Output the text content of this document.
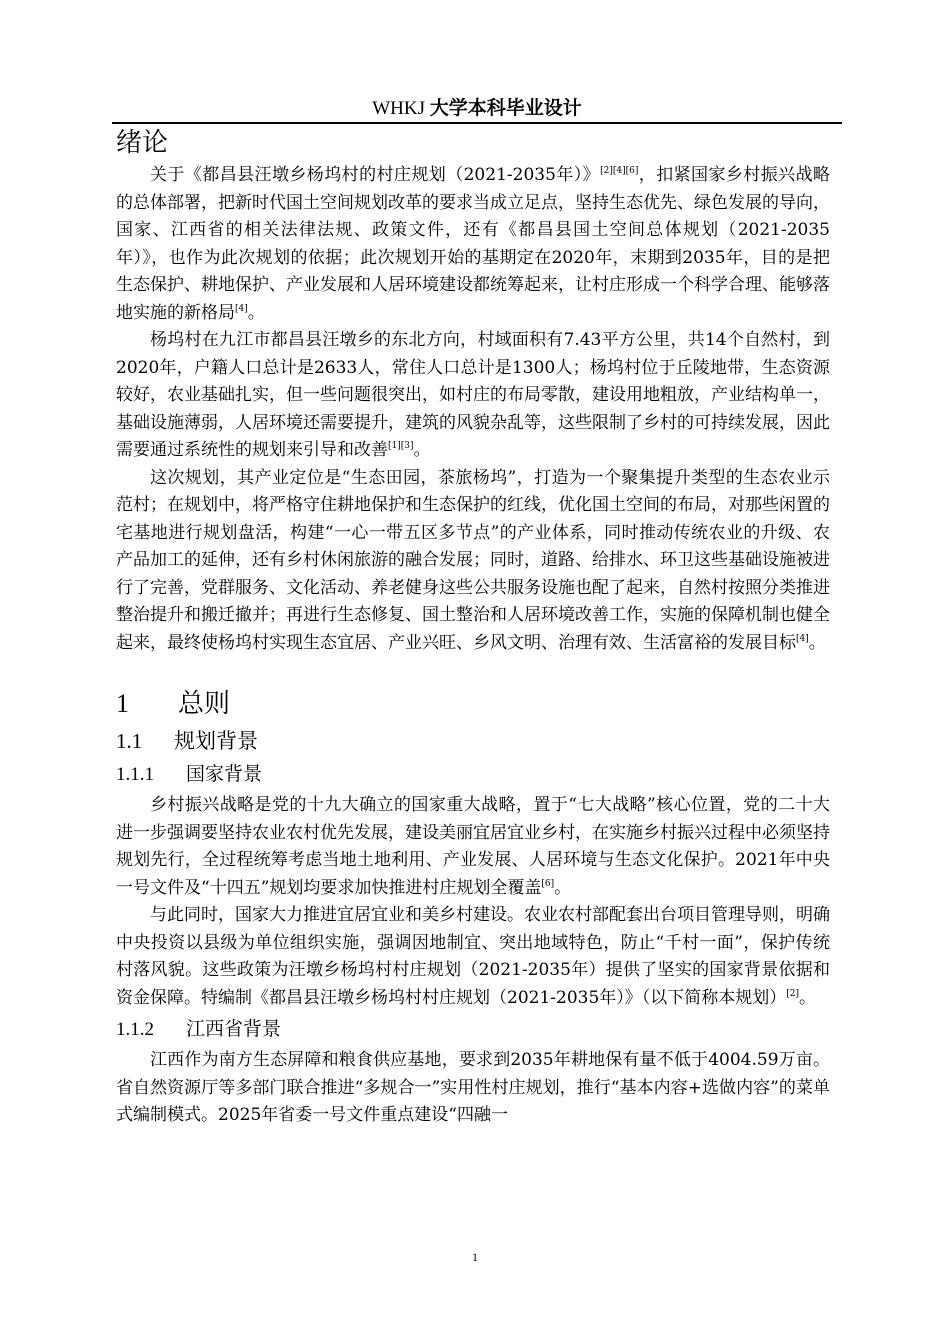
WHKJ 大学本科毕业设计
绪论

关于《都昌县汪墩乡杨坞村的村庄规划（2021-2035年）》[2][4][6]，扣紧国家乡村振兴战略的总体部署，把新时代国土空间规划改革的要求当成立足点，坚持生态优先、绿色发展的导向，国家、江西省的相关法律法规、政策文件，还有《都昌县国土空间总体规划（2021-2035年）》，也作为此次规划的依据；此次规划开始的基期定在2020年，末期到2035年，目的是把生态保护、耕地保护、产业发展和人居环境建设都统筹起来，让村庄形成一个科学合理、能够落地实施的新格局[4]。

杨坞村在九江市都昌县汪墩乡的东北方向，村域面积有7.43平方公里，共14个自然村，到2020年，户籍人口总计是2633人，常住人口总计是1300人；杨坞村位于丘陵地带，生态资源较好，农业基础扎实，但一些问题很突出，如村庄的布局零散，建设用地粗放，产业结构单一，基础设施薄弱，人居环境还需要提升，建筑的风貌杂乱等，这些限制了乡村的可持续发展，因此需要通过系统性的规划来引导和改善[1][3]。

这次规划，其产业定位是“生态田园，茶旅杨坞”，打造为一个聚集提升类型的生态农业示范村；在规划中，将严格守住耕地保护和生态保护的红线，优化国土空间的布局，对那些闲置的宅基地进行规划盘活，构建“一心一带五区多节点”的产业体系，同时推动传统农业的升级、农产品加工的延伸，还有乡村休闲旅游的融合发展；同时，道路、给排水、环卫这些基础设施被进行了完善，党群服务、文化活动、养老健身这些公共服务设施也配了起来，自然村按照分类推进整治提升和搬迁撤并；再进行生态修复、国土整治和人居环境改善工作，实施的保障机制也健全起来，最终使杨坞村实现生态宜居、产业兴旺、乡风文明、治理有效、生活富裕的发展目标[4]。

1 总则
1.1 规划背景
1.1.1 国家背景

乡村振兴战略是党的十九大确立的国家重大战略，置于“七大战略”核心位置，党的二十大进一步强调要坚持农业农村优先发展，建设美丽宜居宜业乡村，在实施乡村振兴过程中必须坚持规划先行，全过程统筹考虑当地土地利用、产业发展、人居环境与生态文化保护。2021年中央一号文件及“十四五”规划均要求加快推进村庄规划全覆盖[6]。

与此同时，国家大力推进宜居宜业和美乡村建设。农业农村部配套出台项目管理导则，明确中央投资以县级为单位组织实施，强调因地制宜、突出地域特色，防止“千村一面”，保护传统村落风貌。这些政策为汪墩乡杨坞村村庄规划（2021-2035年）提供了坚实的国家背景依据和资金保障。特编制《都昌县汪墩乡杨坞村村庄规划（2021-2035年）》（以下简称本规划）[2]。

1.1.2 江西省背景

江西作为南方生态屏障和粮食供应基地，要求到2035年耕地保有量不低于4004.59万亩。省自然资源厅等多部门联合推进“多规合一”实用性村庄规划，推行“基本内容+选做内容”的菜单式编制模式。2025年省委一号文件重点建设“四融一

1
